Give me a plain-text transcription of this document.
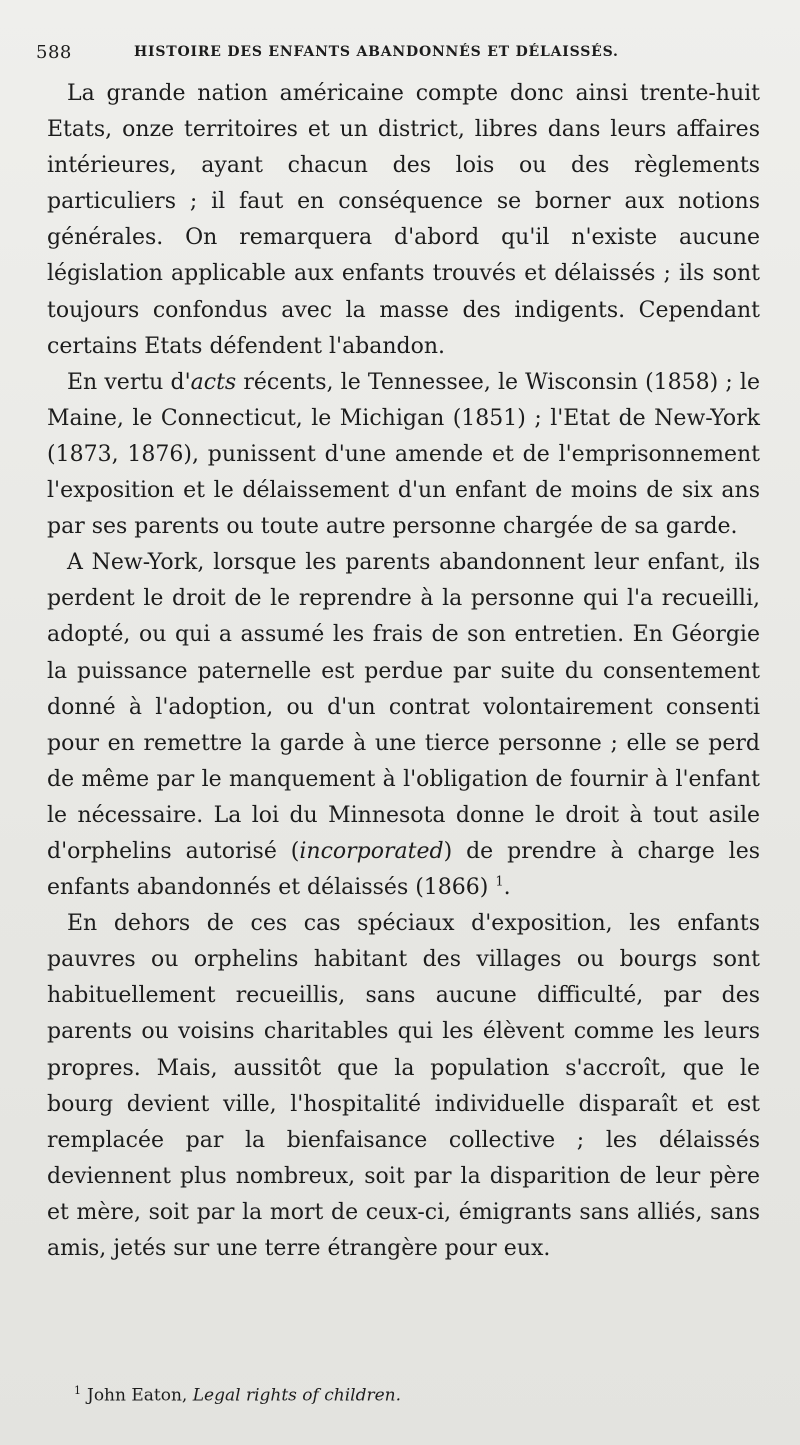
588	HISTOIRE DES ENFANTS ABANDONNÉS ET DÉLAISSÉS.

La grande nation américaine compte donc ainsi trente-huit Etats, onze territoires et un district, libres dans leurs affaires intérieures, ayant chacun des lois ou des règlements particuliers ; il faut en conséquence se borner aux notions générales. On remarquera d'abord qu'il n'existe aucune législation applicable aux enfants trouvés et délaissés ; ils sont toujours confondus avec la masse des indigents. Cependant certains Etats défendent l'abandon.

En vertu d'acts récents, le Tennessee, le Wisconsin (1858) ; le Maine, le Connecticut, le Michigan (1851) ; l'Etat de New-York (1873, 1876), punissent d'une amende et de l'emprisonnement l'exposition et le délaissement d'un enfant de moins de six ans par ses parents ou toute autre personne chargée de sa garde.

A New-York, lorsque les parents abandonnent leur enfant, ils perdent le droit de le reprendre à la personne qui l'a recueilli, adopté, ou qui a assumé les frais de son entretien. En Géorgie la puissance paternelle est perdue par suite du consentement donné à l'adoption, ou d'un contrat volontairement consenti pour en remettre la garde à une tierce personne ; elle se perd de même par le manquement à l'obligation de fournir à l'enfant le nécessaire. La loi du Minnesota donne le droit à tout asile d'orphelins autorisé (incorporated) de prendre à charge les enfants abandonnés et délaissés (1866) $^1$.

En dehors de ces cas spéciaux d'exposition, les enfants pauvres ou orphelins habitant des villages ou bourgs sont habituellement recueillis, sans aucune difficulté, par des parents ou voisins charitables qui les élèvent comme les leurs propres. Mais, aussitôt que la population s'accroît, que le bourg devient ville, l'hospitalité individuelle disparaît et est remplacée par la bienfaisance collective ; les délaissés deviennent plus nombreux, soit par la disparition de leur père et mère, soit par la mort de ceux-ci, émigrants sans alliés, sans amis, jetés sur une terre étrangère pour eux.

$^1$ John Eaton, Legal rights of children.
